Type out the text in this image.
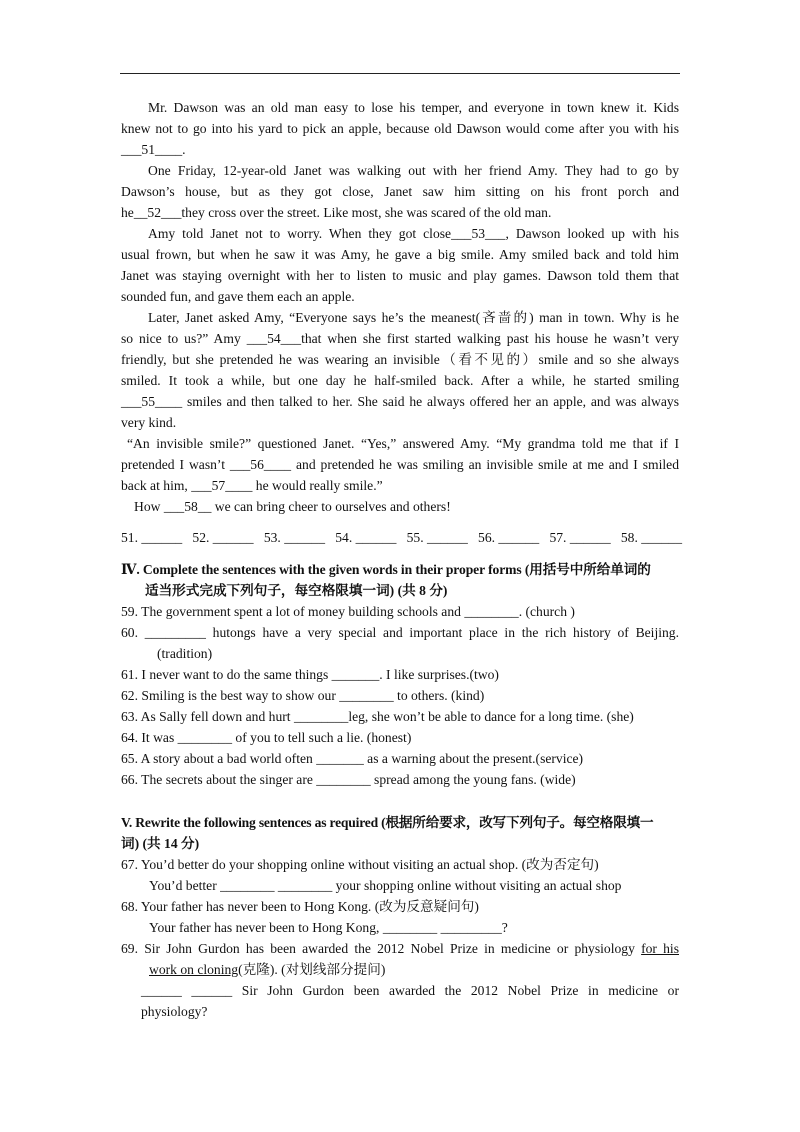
Mr. Dawson was an old man easy to lose his temper, and everyone in town knew it. Kids
knew not to go into his yard to pick an apple, because old Dawson would come after you with his
___51____.
One Friday, 12-year-old Janet was walking out with her friend Amy. They had to go by
Dawson’s house, but as they got close, Janet saw him sitting on his front porch and
he__52___they cross over the street. Like most, she was scared of the old man.
Amy told Janet not to worry. When they got close___53___, Dawson looked up with his
usual frown, but when he saw it was Amy, he gave a big smile. Amy smiled back and told him
Janet was staying overnight with her to listen to music and play games. Dawson told them that
sounded fun, and gave them each an apple.
Later, Janet asked Amy, “Everyone says he’s the meanest(吝啬的) man in town. Why is he
so nice to us?” Amy ___54___that when she first started walking past his house he wasn’t very
friendly, but she pretended he was wearing an invisible（看不见的）smile and so she always
smiled. It took a while, but one day he half-smiled back. After a while, he started smiling
___55____ smiles and then talked to her. She said he always offered her an apple, and was always
very kind.
“An invisible smile?” questioned Janet. “Yes,” answered Amy. “My grandma told me that if I
pretended I wasn’t ___56____ and pretended he was smiling an invisible smile at me and I smiled
back at him, ___57____ he would really smile.”
How ___58__ we can bring cheer to ourselves and others!
51. ______ 52. ______ 53. ______ 54. ______ 55. ______ 56. ______ 57. ______ 58. ______
Ⅳ. Complete the sentences with the given words in their proper forms (用括号中所给单词的
适当形式完成下列句子，每空格限填一词) (共 8 分)
59. The government spent a lot of money building schools and ________. (church )
60. _________ hutongs have a very special and important place in the rich history of Beijing.
(tradition)
61. I never want to do the same things _______. I like surprises.(two)
62. Smiling is the best way to show our ________ to others. (kind)
63. As Sally fell down and hurt ________leg, she won’t be able to dance for a long time. (she)
64. It was ________ of you to tell such a lie. (honest)
65. A story about a bad world often _______ as a warning about the present.(service)
66. The secrets about the singer are ________ spread among the young fans. (wide)
V. Rewrite the following sentences as required (根据所给要求，改写下列句子。每空格限填一
词) (共 14 分)
67. You’d better do your shopping online without visiting an actual shop. (改为否定句)
You’d better ________ ________ your shopping online without visiting an actual shop
68. Your father has never been to Hong Kong. (改为反意疑问句)
Your father has never been to Hong Kong, ________ _________?
69. Sir John Gurdon has been awarded the 2012 Nobel Prize in medicine or physiology for his
work on cloning(克隆). (对划线部分提问)
______ ______ Sir John Gurdon been awarded the 2012 Nobel Prize in medicine or
physiology?
